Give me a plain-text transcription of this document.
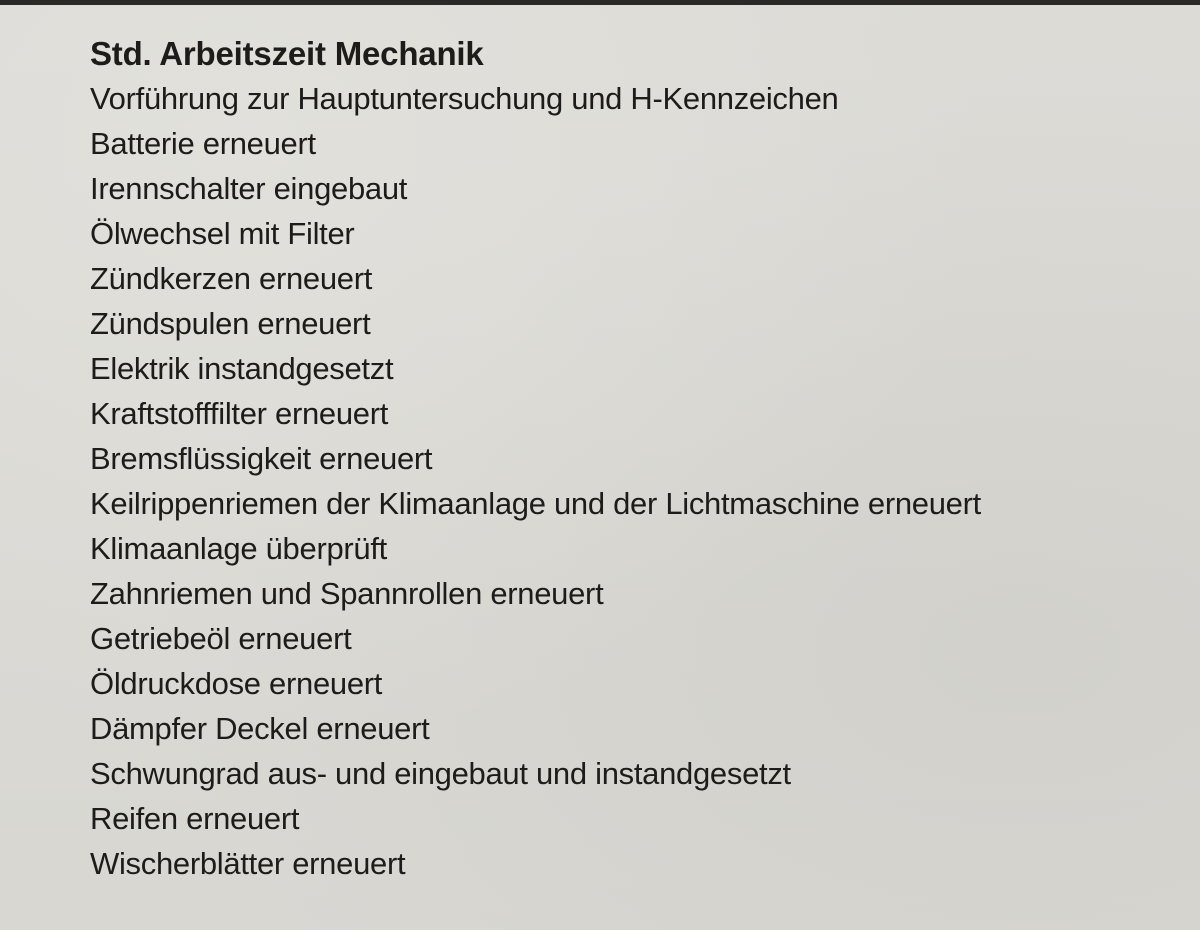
Std. Arbeitszeit Mechanik
Vorführung zur Hauptuntersuchung und H-Kennzeichen
Batterie erneuert
Irennschalter eingebaut
Ölwechsel mit Filter
Zündkerzen erneuert
Zündspulen erneuert
Elektrik instandgesetzt
Kraftstofffilter erneuert
Bremsflüssigkeit erneuert
Keilrippenriemen der Klimaanlage und der Lichtmaschine erneuert
Klimaanlage überprüft
Zahnriemen und Spannrollen erneuert
Getriebeöl erneuert
Öldruckdose erneuert
Dämpfer Deckel erneuert
Schwungrad aus- und eingebaut und instandgesetzt
Reifen erneuert
Wischerblätter erneuert
